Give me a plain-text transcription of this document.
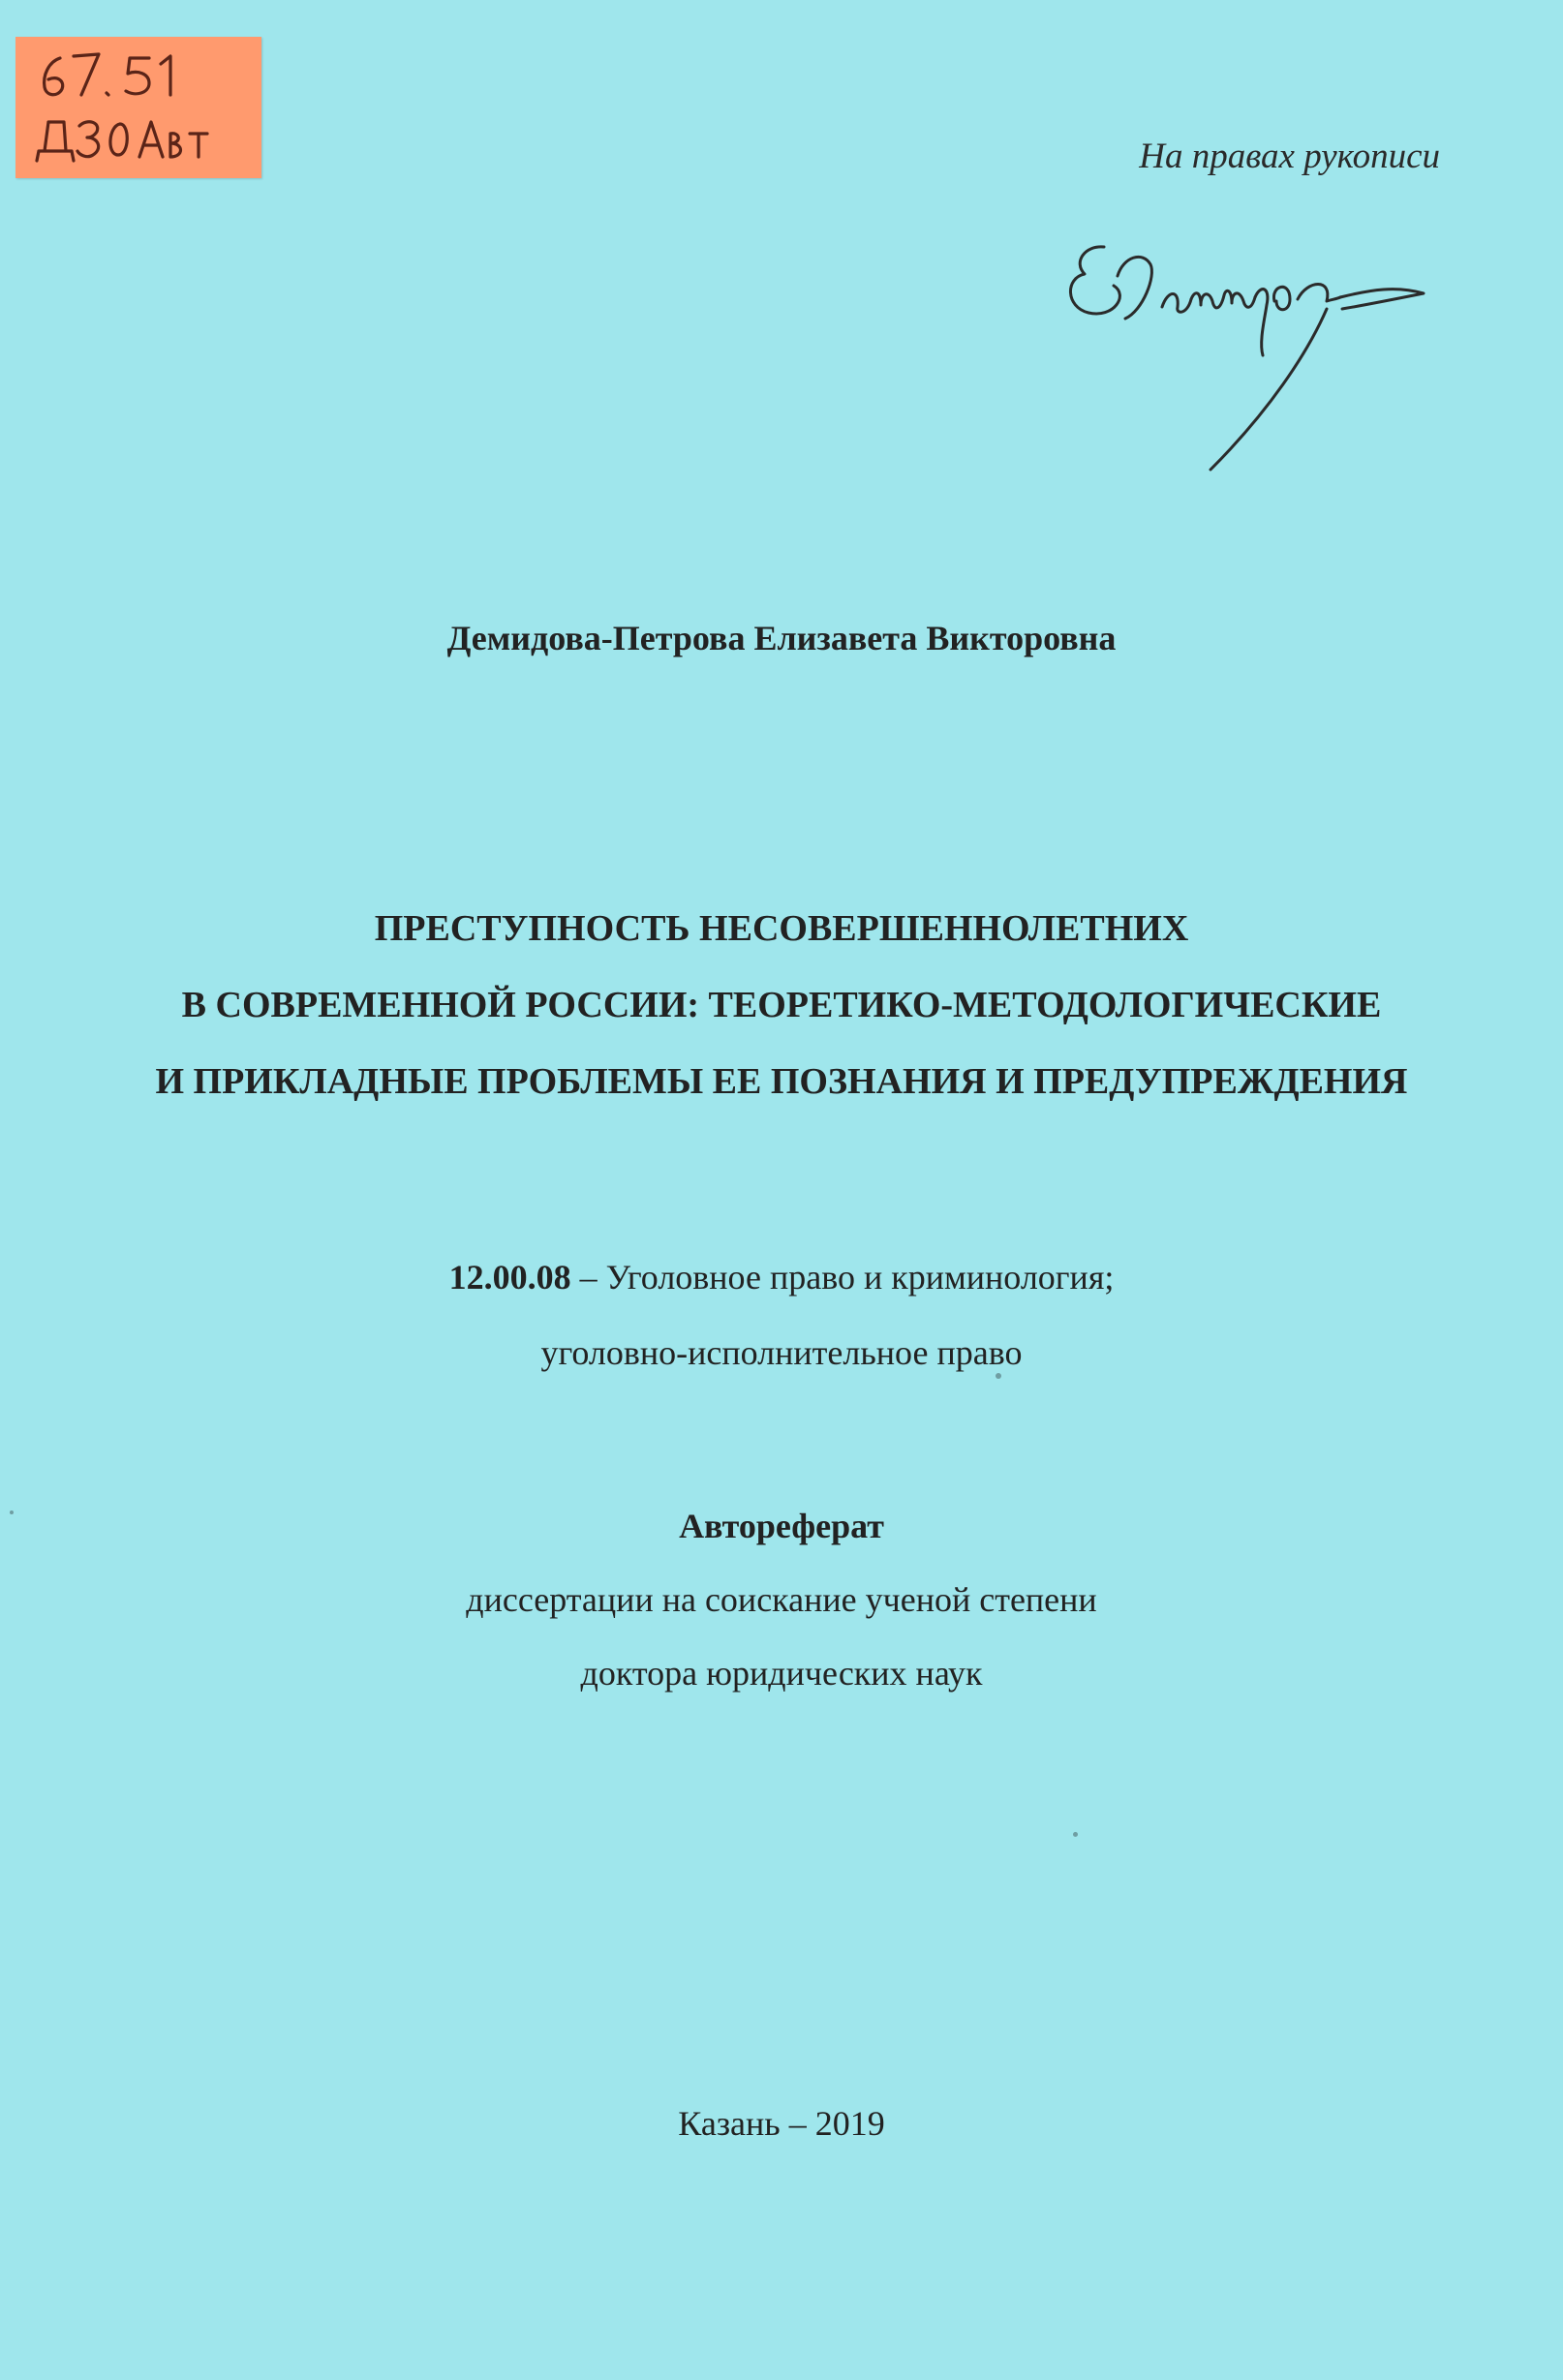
На правах рукописи
Демидова-Петрова Елизавета Викторовна
ПРЕСТУПНОСТЬ НЕСОВЕРШЕННОЛЕТНИХ
В СОВРЕМЕННОЙ РОССИИ: ТЕОРЕТИКО-МЕТОДОЛОГИЧЕСКИЕ
И ПРИКЛАДНЫЕ ПРОБЛЕМЫ ЕЕ ПОЗНАНИЯ И ПРЕДУПРЕЖДЕНИЯ
12.00.08 – Уголовное право и криминология;
уголовно-исполнительное право
Автореферат
диссертации на соискание ученой степени
доктора юридических наук
Казань – 2019
